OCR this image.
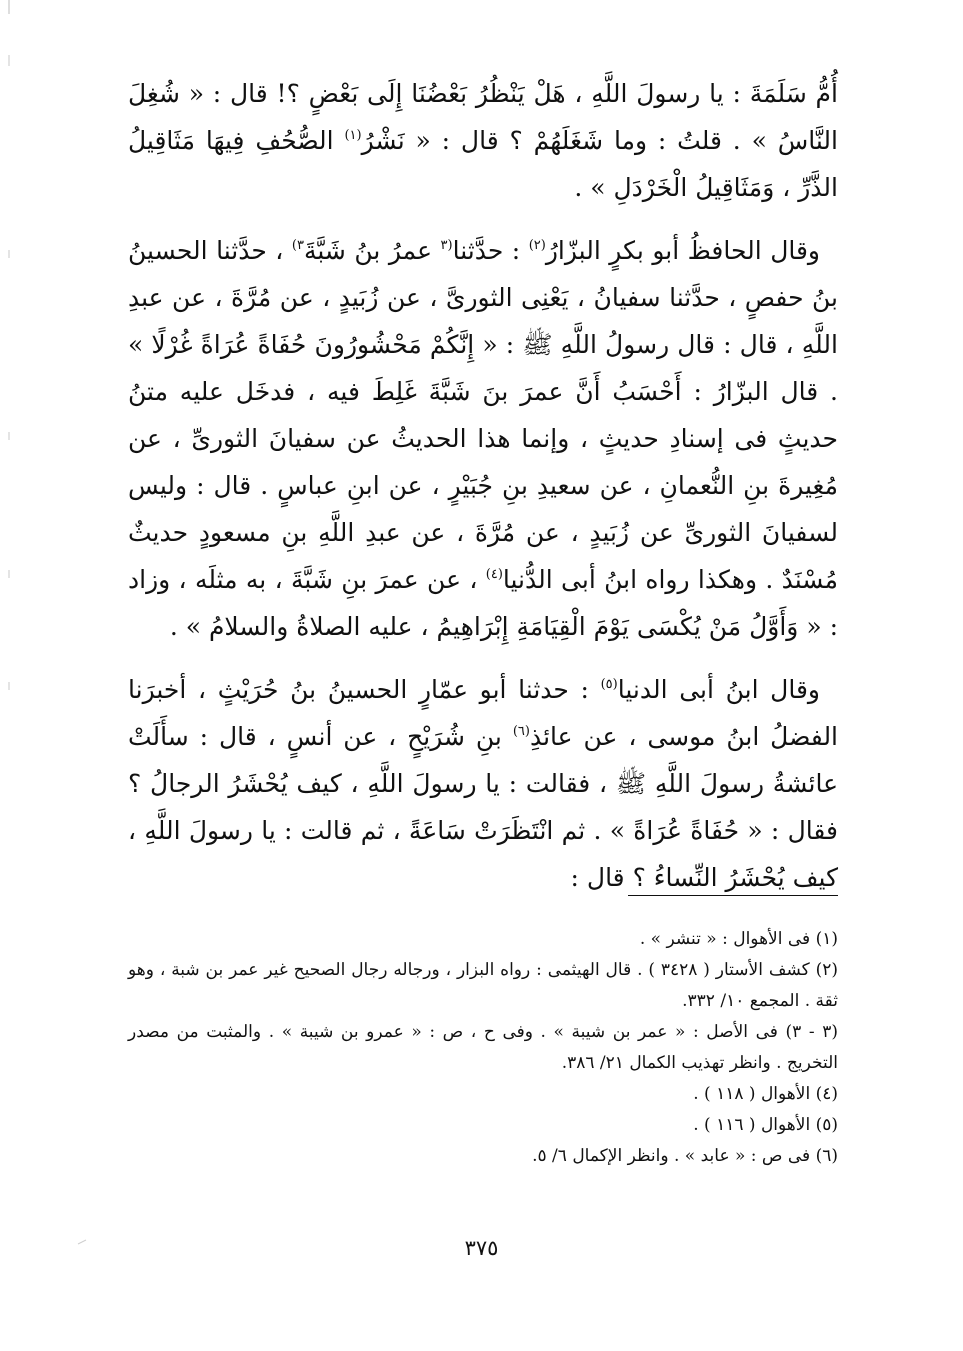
أُمُّ سَلَمَةَ : يا رسولَ اللَّهِ ، هَلْ يَنْظُرُ بَعْضُنَا إِلَى بَعْضٍ ؟! قال : « شُغِلَ النَّاسُ » . قلتُ : وما شَغَلَهُمْ ؟ قال : « نَشْرُ$^{(١)}$ الصُّحُفِ فِيهَا مَثَاقِيلُ الذَّرِّ ، وَمَثَاقِيلُ الْخَرْدَلِ » .

وقال الحافظُ أبو بكرٍ البزّارُ$^{(٢)}$ : حدَّثنا$^{(٣}$ عمرُ بنُ شَبَّةَ$^{٣)}$ ، حدَّثنا الحسينُ بنُ حفصٍ ، حدَّثنا سفيانُ ، يَعْنِى الثورىَّ ، عن زُبَيدٍ ، عن مُرَّةَ ، عن عبدِ اللَّهِ ، قال : قال رسولُ اللَّهِ ﷺ : « إِنَّكُمْ مَحْشُورُونَ حُفَاةً عُرَاةً غُرْلًا » . قال البزّارُ : أَحْسَبُ أَنَّ عمرَ بنَ شَبَّةَ غَلِطَ فيه ، فدخَل عليه متنُ حديثٍ فى إسنادِ حديثٍ ، وإنما هذا الحديثُ عن سفيانَ الثورىِّ ، عن مُغِيرةَ بنِ النُّعمانِ ، عن سعيدِ بنِ جُبَيْرٍ ، عن ابنِ عباسٍ . قال : وليس لسفيانَ الثورىِّ عن زُبَيدٍ ، عن مُرَّةَ ، عن عبدِ اللَّهِ بنِ مسعودٍ حديثٌ مُسْنَدٌ . وهكذا رواه ابنُ أبى الدُّنيا$^{(٤)}$ ، عن عمرَ بنِ شَبَّةَ ، به مثلَه ، وزاد : « وَأَوَّلُ مَنْ يُكْسَى يَوْمَ الْقِيَامَةِ إِبْرَاهِيمُ ، عليه الصلاةُ والسلامُ » .

وقال ابنُ أبى الدنيا$^{(٥)}$ : حدثنا أبو عمّارٍ الحسينُ بنُ حُرَيْثٍ ، أخبرَنا الفضلُ ابنُ موسى ، عن عائذِ$^{(٦)}$ بنِ شُرَيْحٍ ، عن أنسٍ ، قال : سأَلَتْ عائشةُ رسولَ اللَّهِ ﷺ ، فقالت : يا رسولَ اللَّهِ ، كيف يُحْشَرُ الرجالُ ؟ فقال : « حُفَاةً عُرَاةً » . ثم انْتَظَرَتْ سَاعَةً ، ثم قالت : يا رسولَ اللَّهِ ، كيف يُحْشَرُ النِّساءُ ؟ قال :

(١) فى الأهوال : « تنشر » .

(٢) كشف الأستار ( ٣٤٢٨ ) . قال الهيثمى : رواه البزار ، ورجاله رجال الصحيح غير عمر بن شبة ، وهو ثقة . المجمع ١٠/ ٣٣٢.

(٣ - ٣) فى الأصل : « عمر بن شيبة » . وفى ح ، ص : « عمرو بن شيبة » . والمثبت من مصدر التخريج . وانظر تهذيب الكمال ٢١/ ٣٨٦.

(٤) الأهوال ( ١١٨ ) .

(٥) الأهوال ( ١١٦ ) .

(٦) فى ص : « عابد » . وانظر الإكمال ٦/ ٥.

٣٧٥
